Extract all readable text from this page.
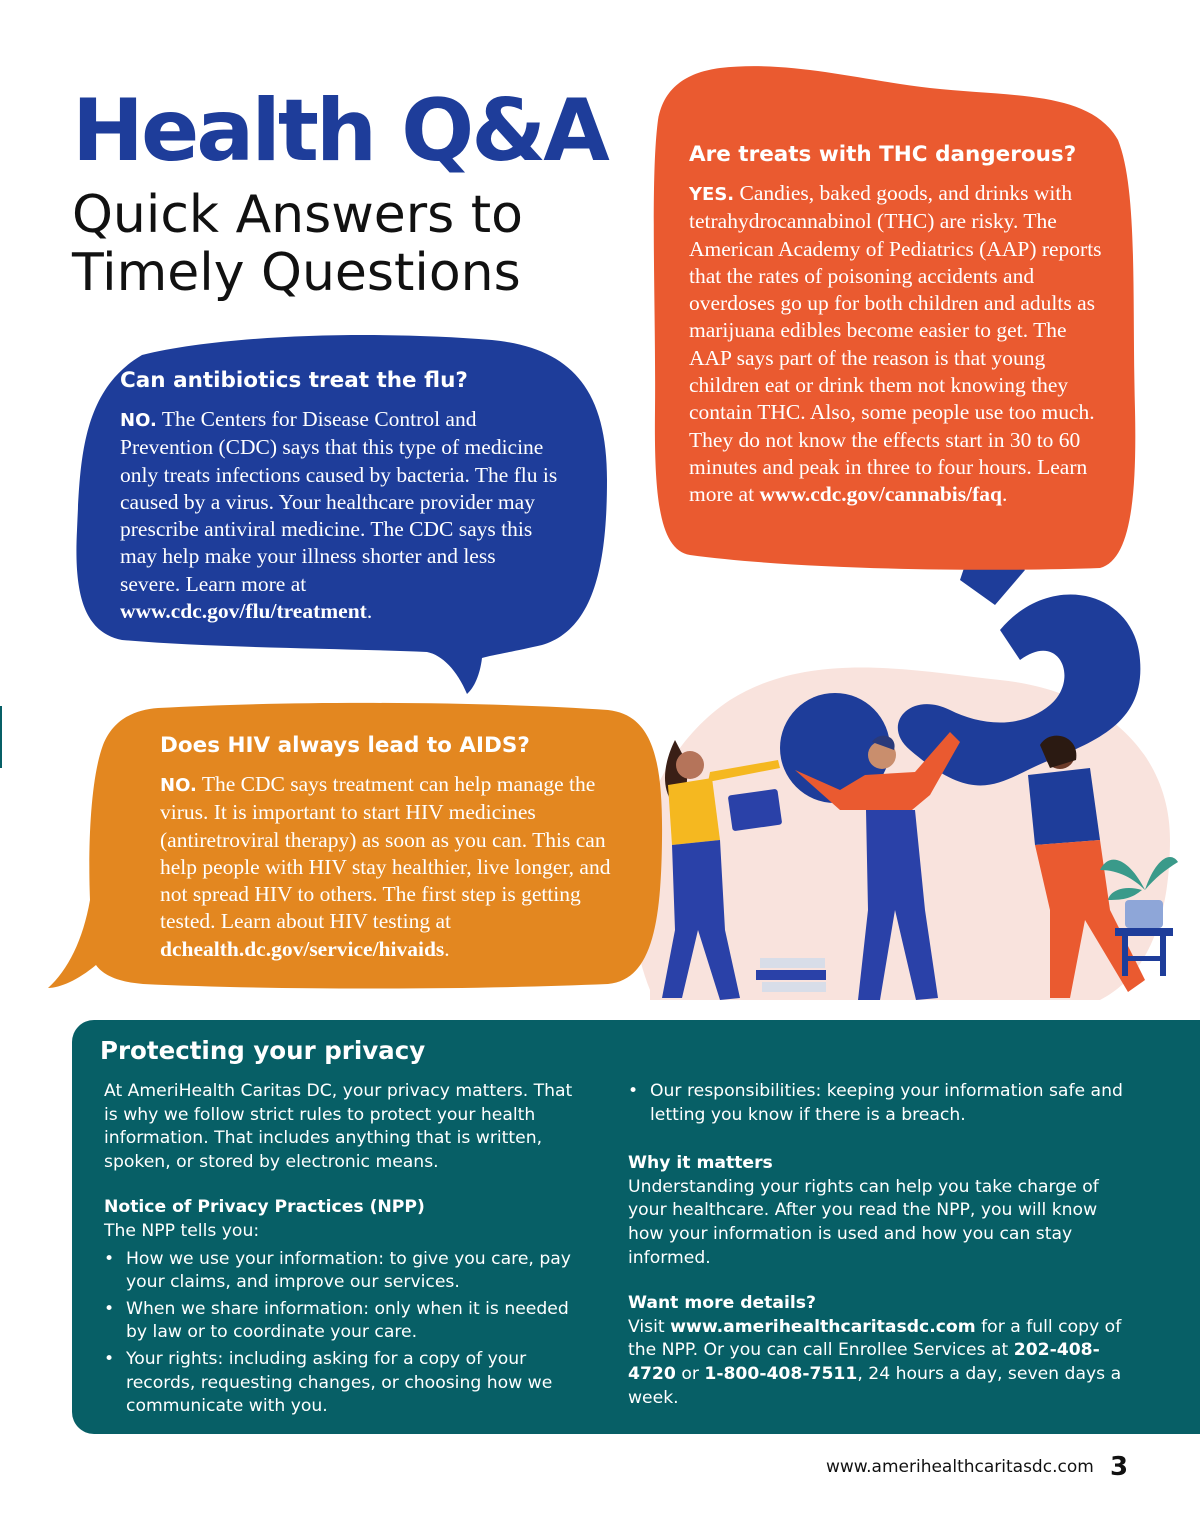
Health Q&A
Quick Answers to
Timely Questions
Are treats with THC dangerous?

YES. Candies, baked goods, and drinks with tetrahydrocannabinol (THC) are risky. The American Academy of Pediatrics (AAP) reports that the rates of poisoning accidents and overdoses go up for both children and adults as marijuana edibles become easier to get. The AAP says part of the reason is that young children eat or drink them not knowing they contain THC. Also, some people use too much. They do not know the effects start in 30 to 60 minutes and peak in three to four hours. Learn more at www.cdc.gov/cannabis/faq.

Can antibiotics treat the flu?

NO. The Centers for Disease Control and Prevention (CDC) says that this type of medicine only treats infections caused by bacteria. The flu is caused by a virus. Your healthcare provider may prescribe antiviral medicine. The CDC says this may help make your illness shorter and less severe. Learn more at www.cdc.gov/flu/treatment.

Does HIV always lead to AIDS?

NO. The CDC says treatment can help manage the virus. It is important to start HIV medicines (antiretroviral therapy) as soon as you can. This can help people with HIV stay healthier, live longer, and not spread HIV to others. The first step is getting tested. Learn about HIV testing at dchealth.dc.gov/service/hivaids.

Protecting your privacy

At AmeriHealth Caritas DC, your privacy matters. That is why we follow strict rules to protect your health information. That includes anything that is written, spoken, or stored by electronic means.

Notice of Privacy Practices (NPP)

The NPP tells you:

• How we use your information: to give you care, pay your claims, and improve our services.
• When we share information: only when it is needed by law or to coordinate your care.
• Your rights: including asking for a copy of your records, requesting changes, or choosing how we communicate with you.
• Our responsibilities: keeping your information safe and letting you know if there is a breach.

Why it matters

Understanding your rights can help you take charge of your healthcare. After you read the NPP, you will know how your information is used and how you can stay informed.

Want more details?

Visit www.amerihealthcaritasdc.com for a full copy of the NPP. Or you can call Enrollee Services at 202-408-4720 or 1-800-408-7511, 24 hours a day, seven days a week.

www.amerihealthcaritasdc.com 3
